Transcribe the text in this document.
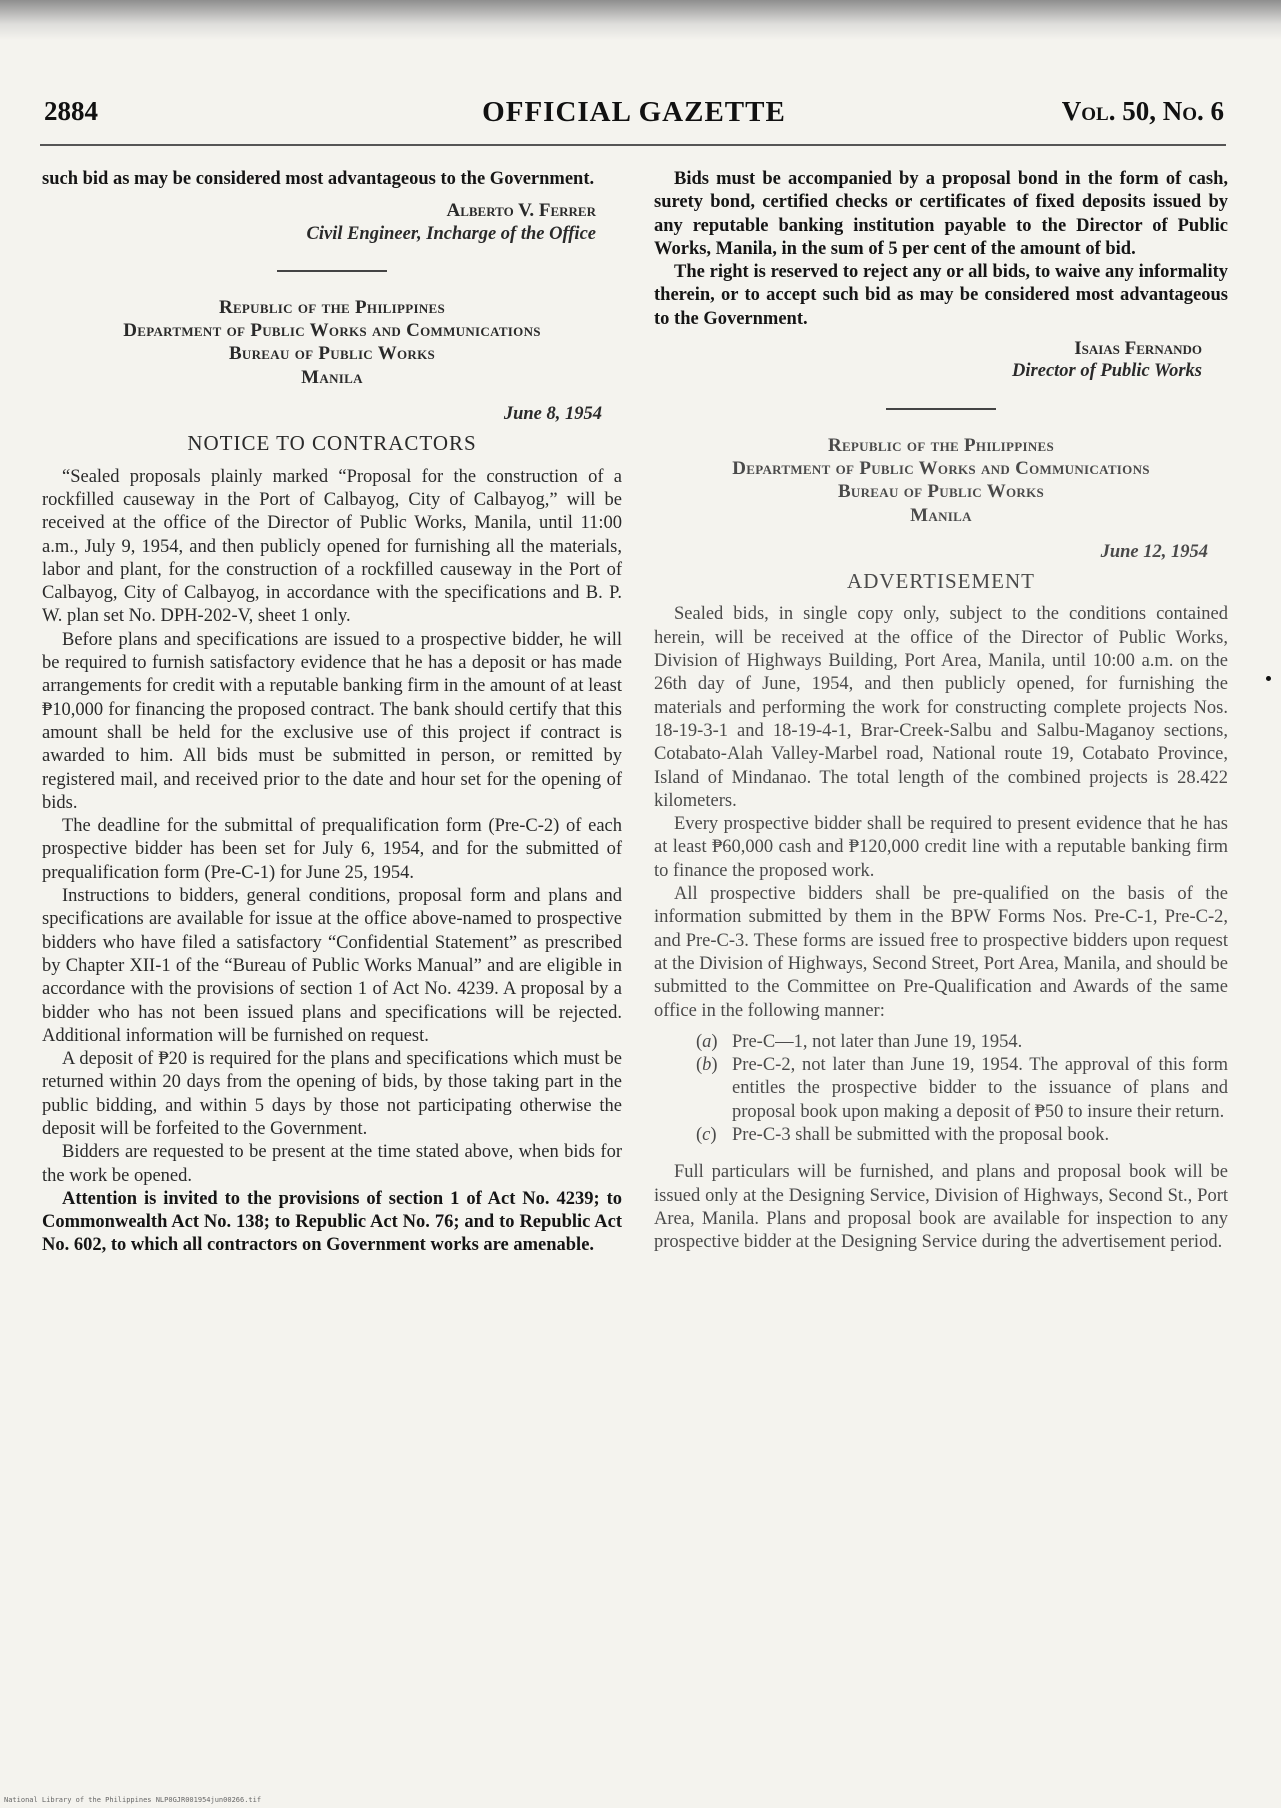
2884	OFFICIAL GAZETTE	Vol. 50, No. 6

such bid as may be considered most advantageous to the Government.

Alberto V. Ferrer
Civil Engineer, Incharge of the Office
Republic of the Philippines
Department of Public Works and Communications
Bureau of Public Works
Manila
June 8, 1954
NOTICE TO CONTRACTORS

“Sealed proposals plainly marked “Proposal for the construction of a rockfilled causeway in the Port of Calbayog, City of Calbayog,” will be received at the office of the Director of Public Works, Manila, until 11:00 a.m., July 9, 1954, and then publicly opened for furnishing all the materials, labor and plant, for the construction of a rockfilled causeway in the Port of Calbayog, City of Calbayog, in accordance with the specifications and B. P. W. plan set No. DPH-202-V, sheet 1 only.

Before plans and specifications are issued to a prospective bidder, he will be required to furnish satisfactory evidence that he has a deposit or has made arrangements for credit with a reputable banking firm in the amount of at least ₱10,000 for financing the proposed contract. The bank should certify that this amount shall be held for the exclusive use of this project if contract is awarded to him. All bids must be submitted in person, or remitted by registered mail, and received prior to the date and hour set for the opening of bids.

The deadline for the submittal of prequalification form (Pre-C-2) of each prospective bidder has been set for July 6, 1954, and for the submitted of prequalification form (Pre-C-1) for June 25, 1954.

Instructions to bidders, general conditions, proposal form and plans and specifications are available for issue at the office above-named to prospective bidders who have filed a satisfactory “Confidential Statement” as prescribed by Chapter XII-1 of the “Bureau of Public Works Manual” and are eligible in accordance with the provisions of section 1 of Act No. 4239. A proposal by a bidder who has not been issued plans and specifications will be rejected. Additional information will be furnished on request.

A deposit of ₱20 is required for the plans and specifications which must be returned within 20 days from the opening of bids, by those taking part in the public bidding, and within 5 days by those not participating otherwise the deposit will be forfeited to the Government.

Bidders are requested to be present at the time stated above, when bids for the work be opened.

Attention is invited to the provisions of section 1 of Act No. 4239; to Commonwealth Act No. 138; to Republic Act No. 76; and to Republic Act No. 602, to which all contractors on Government works are amenable.

Bids must be accompanied by a proposal bond in the form of cash, surety bond, certified checks or certificates of fixed deposits issued by any reputable banking institution payable to the Director of Public Works, Manila, in the sum of 5 per cent of the amount of bid.

The right is reserved to reject any or all bids, to waive any informality therein, or to accept such bid as may be considered most advantageous to the Government.

Isaias Fernando
Director of Public Works
Republic of the Philippines
Department of Public Works and Communications
Bureau of Public Works
Manila
June 12, 1954
ADVERTISEMENT

Sealed bids, in single copy only, subject to the conditions contained herein, will be received at the office of the Director of Public Works, Division of Highways Building, Port Area, Manila, until 10:00 a.m. on the 26th day of June, 1954, and then publicly opened, for furnishing the materials and performing the work for constructing complete projects Nos. 18-19-3-1 and 18-19-4-1, Brar-Creek-Salbu and Salbu-Maganoy sections, Cotabato-Alah Valley-Marbel road, National route 19, Cotabato Province, Island of Mindanao. The total length of the combined projects is 28.422 kilometers.

Every prospective bidder shall be required to present evidence that he has at least ₱60,000 cash and ₱120,000 credit line with a reputable banking firm to finance the proposed work.

All prospective bidders shall be pre-qualified on the basis of the information submitted by them in the BPW Forms Nos. Pre-C-1, Pre-C-2, and Pre-C-3. These forms are issued free to prospective bidders upon request at the Division of Highways, Second Street, Port Area, Manila, and should be submitted to the Committee on Pre-Qualification and Awards of the same office in the following manner:

(a) Pre-C—1, not later than June 19, 1954.

(b) Pre-C-2, not later than June 19, 1954. The approval of this form entitles the prospective bidder to the issuance of plans and proposal book upon making a deposit of ₱50 to insure their return.

(c) Pre-C-3 shall be submitted with the proposal book.

Full particulars will be furnished, and plans and proposal book will be issued only at the Designing Service, Division of Highways, Second St., Port Area, Manila. Plans and proposal book are available for inspection to any prospective bidder at the Designing Service during the advertisement period.

National Library of the Philippines NLP0GJR001954jun00266.tif
